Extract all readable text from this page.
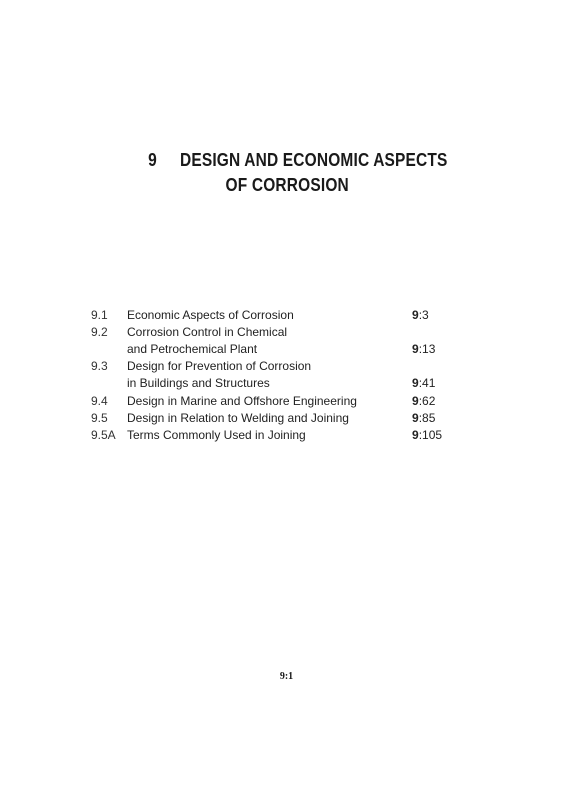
9 DESIGN AND ECONOMIC ASPECTS
OF CORROSION
9.1 Economic Aspects of Corrosion	9:3
9.2 Corrosion Control in Chemical
and Petrochemical Plant	9:13
9.3 Design for Prevention of Corrosion
in Buildings and Structures	9:41
9.4 Design in Marine and Offshore Engineering	9:62
9.5 Design in Relation to Welding and Joining	9:85
9.5A Terms Commonly Used in Joining	9:105
9:1
